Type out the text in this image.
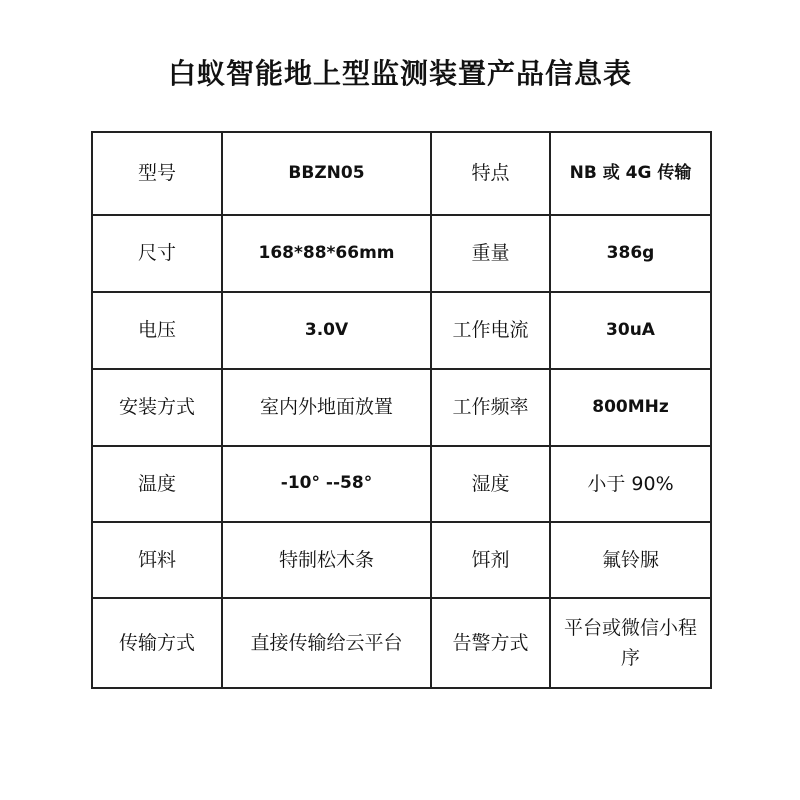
白蚁智能地上型监测装置产品信息表
型号	BBZN05	特点	NB 或 4G 传输
尺寸	168*88*66mm	重量	386g
电压	3.0V	工作电流	30uA
安装方式	室内外地面放置	工作频率	800MHz
温度	-10° --58°	湿度	小于 90%
饵料	特制松木条	饵剂	氟铃脲
传输方式	直接传输给云平台	告警方式	平台或微信小程序
